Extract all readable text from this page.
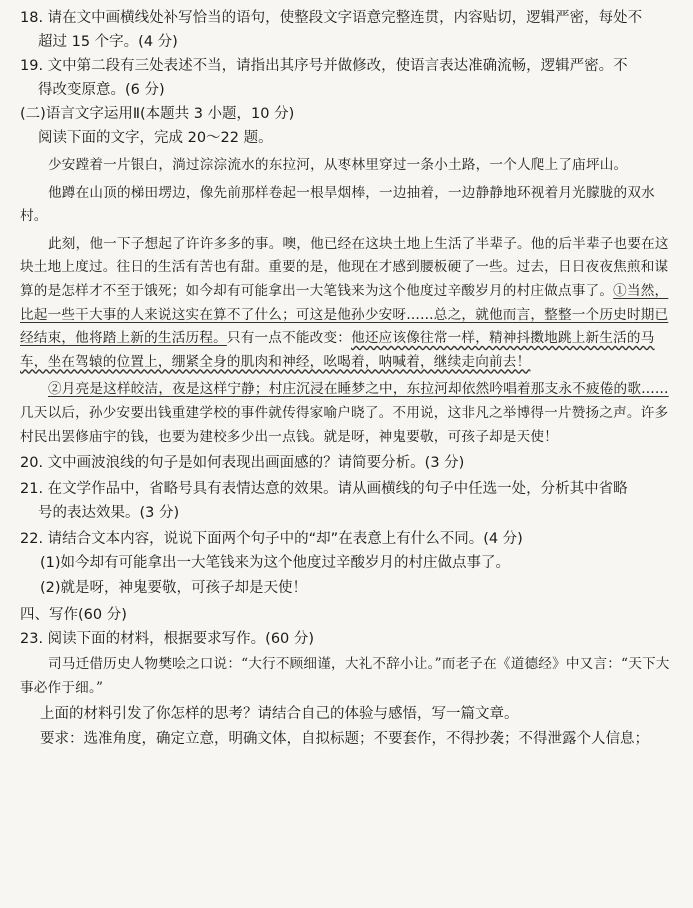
18. 请在文中画横线处补写恰当的语句，使整段文字语意完整连贯，内容贴切，逻辑严密，每处不
超过 15 个字。(4 分)

19. 文中第二段有三处表述不当，请指出其序号并做修改，使语言表达准确流畅，逻辑严密。不
得改变原意。(6 分)

(二)语言文字运用Ⅱ(本题共 3 小题，10 分)

阅读下面的文字，完成 20～22 题。

少安蹚着一片银白，淌过淙淙流水的东拉河，从枣林里穿过一条小土路，一个人爬上了庙坪山。

他蹲在山顶的梯田塄边，像先前那样卷起一根旱烟棒，一边抽着，一边静静地环视着月光朦胧的双水村。

此刻，他一下子想起了许许多多的事。噢，他已经在这块土地上生活了半辈子。他的后半辈子也要在这块土地上度过。往日的生活有苦也有甜。重要的是，他现在才感到腰板硬了一些。过去，日日夜夜焦煎和谋算的是怎样才不至于饿死；如今却有可能拿出一大笔钱来为这个他度过辛酸岁月的村庄做点事了。①当然，比起一些干大事的人来说这实在算不了什么；可这是他孙少安呀……总之，就他而言，整整一个历史时期已经结束，他将踏上新的生活历程。只有一点不能改变：他还应该像往常一样，精神抖擞地跳上新生活的马车，坐在驾辕的位置上，绷紧全身的肌肉和神经，吆喝着，呐喊着，继续走向前去！

②月亮是这样皎洁，夜是这样宁静；村庄沉浸在睡梦之中，东拉河却依然吟唱着那支永不疲倦的歌……几天以后，孙少安要出钱重建学校的事件就传得家喻户晓了。不用说，这非凡之举博得一片赞扬之声。许多村民出罢修庙宇的钱，也要为建校多少出一点钱。就是呀，神鬼要敬，可孩子却是天使！

20. 文中画波浪线的句子是如何表现出画面感的？请简要分析。(3 分)

21. 在文学作品中，省略号具有表情达意的效果。请从画横线的句子中任选一处，分析其中省略
号的表达效果。(3 分)

22. 请结合文本内容，说说下面两个句子中的“却”在表意上有什么不同。(4 分)

(1)如今却有可能拿出一大笔钱来为这个他度过辛酸岁月的村庄做点事了。

(2)就是呀，神鬼要敬，可孩子却是天使！

四、写作(60 分)

23. 阅读下面的材料，根据要求写作。(60 分)

司马迁借历史人物樊哙之口说：“大行不顾细谨，大礼不辞小让。”而老子在《道德经》中又言：“天下大事必作于细。”

上面的材料引发了你怎样的思考？请结合自己的体验与感悟，写一篇文章。

要求：选准角度，确定立意，明确文体，自拟标题；不要套作，不得抄袭；不得泄露个人信息；
